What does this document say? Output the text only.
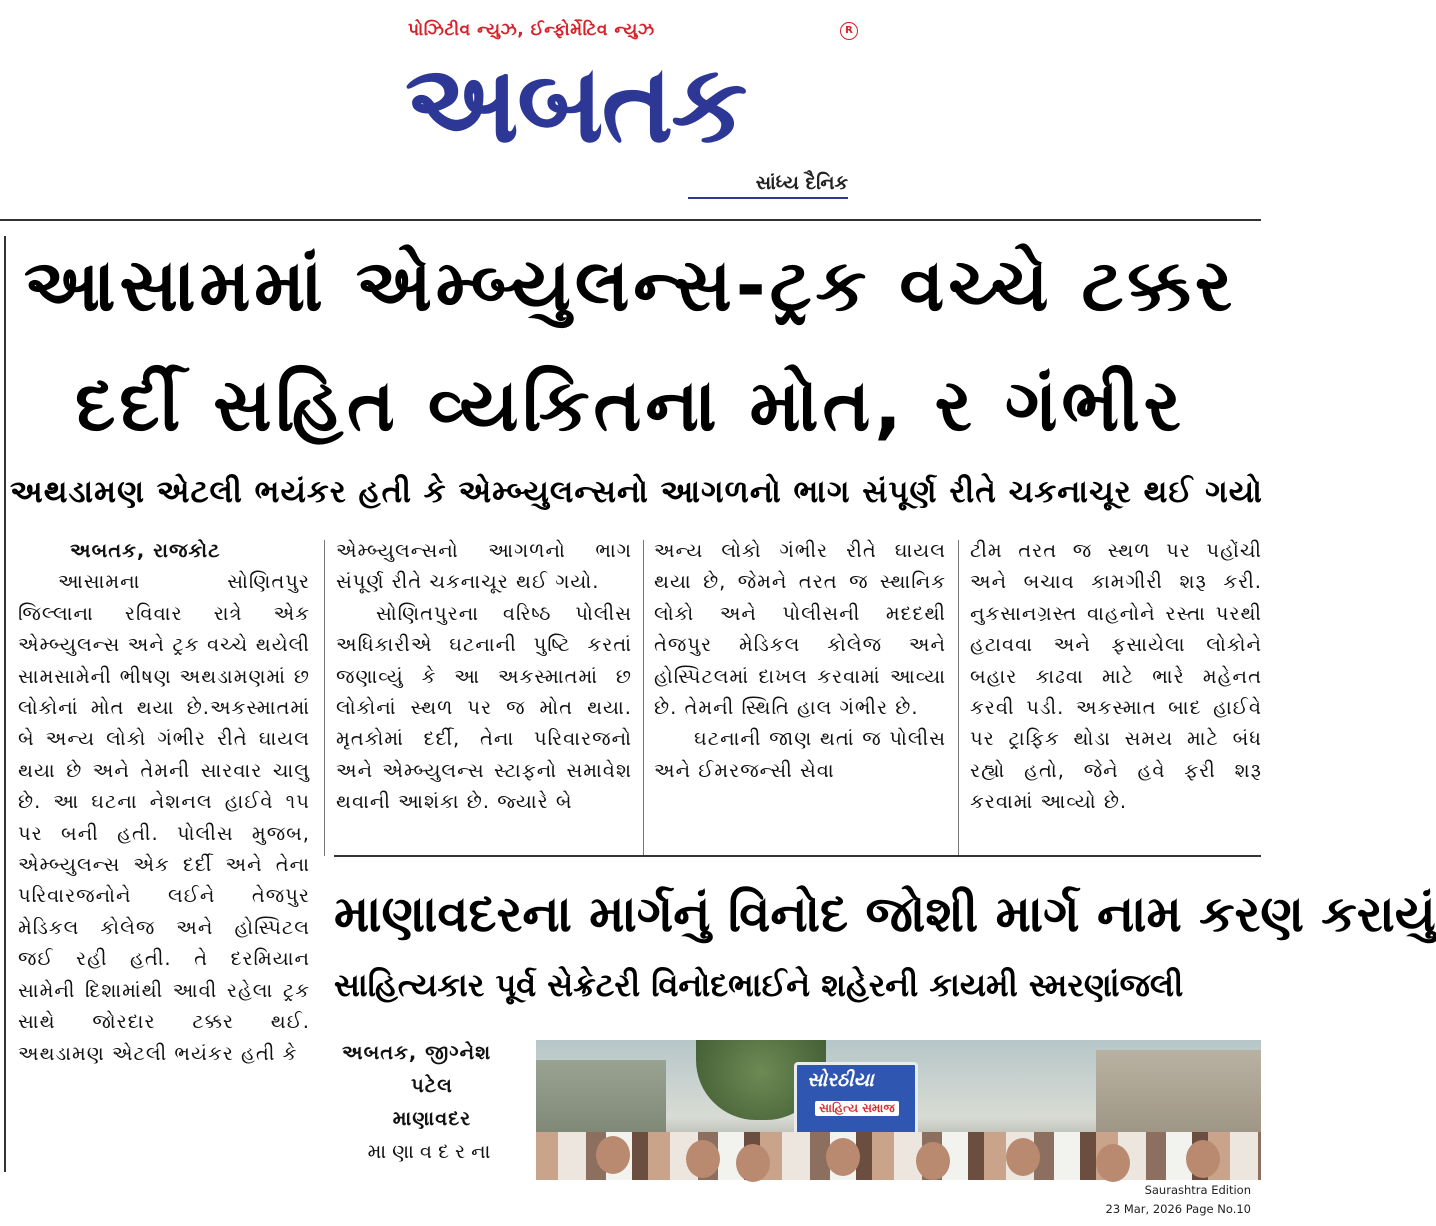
પોઝિટીવ ન્યુઝ, ઈન્ફોર્મેટિવ ન્યુઝ	R
અબતક
સાંધ્ય દૈનિક
આસામમાં એમ્બ્યુલન્સ-ટ્રક વચ્ચે ટક્કર
દર્દી સહિત વ્યકિતના મોત, ર ગંભીર
અથડામણ એટલી ભયંકર હતી કે એમ્બ્યુલન્સનો આગળનો ભાગ સંપૂર્ણ રીતે ચકનાચૂર થઈ ગયો

અબતક, રાજકોટ

આસામના સોણિતપુર જિલ્લાના રવિવાર રાત્રે એક એમ્બ્યુલન્સ અને ટ્રક વચ્ચે થયેલી સામસામેની ભીષણ અથડામણમાં છ લોકોનાં મોત થયા છે.અકસ્માતમાં બે અન્ય લોકો ગંભીર રીતે ઘાયલ થયા છે અને તેમની સારવાર ચાલુ છે. આ ઘટના નેશનલ હાઈવે ૧૫ પર બની હતી. પોલીસ મુજબ, એમ્બ્યુલન્સ એક દર્દી અને તેના પરિવારજનોને લઈને તેજપુર મેડિકલ કોલેજ અને હોસ્પિટલ જઈ રહી હતી. તે દરમિયાન સામેની દિશામાંથી આવી રહેલા ટ્રક સાથે જોરદાર ટક્કર થઈ. અથડામણ એટલી ભયંકર હતી કે

એમ્બ્યુલન્સનો આગળનો ભાગ સંપૂર્ણ રીતે ચકનાચૂર થઈ ગયો.

સોણિતપુરના વરિષ્ઠ પોલીસ અધિકારીએ ઘટનાની પુષ્ટિ કરતાં જણાવ્યું કે આ અકસ્માતમાં છ લોકોનાં સ્થળ પર જ મોત થયા. મૃતકોમાં દર્દી, તેના પરિવારજનો અને એમ્બ્યુલન્સ સ્ટાફનો સમાવેશ થવાની આશંકા છે. જ્યારે બે

અન્ય લોકો ગંભીર રીતે ઘાયલ થયા છે, જેમને તરત જ સ્થાનિક લોકો અને પોલીસની મદદથી તેજપુર મેડિકલ કોલેજ અને હોસ્પિટલમાં દાખલ કરવામાં આવ્યા છે. તેમની સ્થિતિ હાલ ગંભીર છે.

ઘટનાની જાણ થતાં જ પોલીસ અને ઈમરજન્સી સેવા

ટીમ તરત જ સ્થળ પર પહોંચી અને બચાવ કામગીરી શરૂ કરી. નુકસાનગ્રસ્ત વાહનોને રસ્તા પરથી હટાવવા અને ફસાયેલા લોકોને બહાર કાઢવા માટે ભારે મહેનત કરવી પડી. અકસ્માત બાદ હાઈવે પર ટ્રાફિક થોડા સમય માટે બંધ રહ્યો હતો, જેને હવે ફરી શરૂ કરવામાં આવ્યો છે.

માણાવદરના માર્ગનું વિનોદ જોશી માર્ગ નામ કરણ કરાયું
સાહિત્યકાર પૂર્વ સેક્રેટરી વિનોદભાઈને શહેરની કાયમી સ્મરણાંજલી
અબતક, જીગ્નેશ
પટેલ
માણાવદર
માણાવદરના
સોરઠીયા
સાહિત્ય સમાજ
Saurashtra Edition
23 Mar, 2026 Page No.10
